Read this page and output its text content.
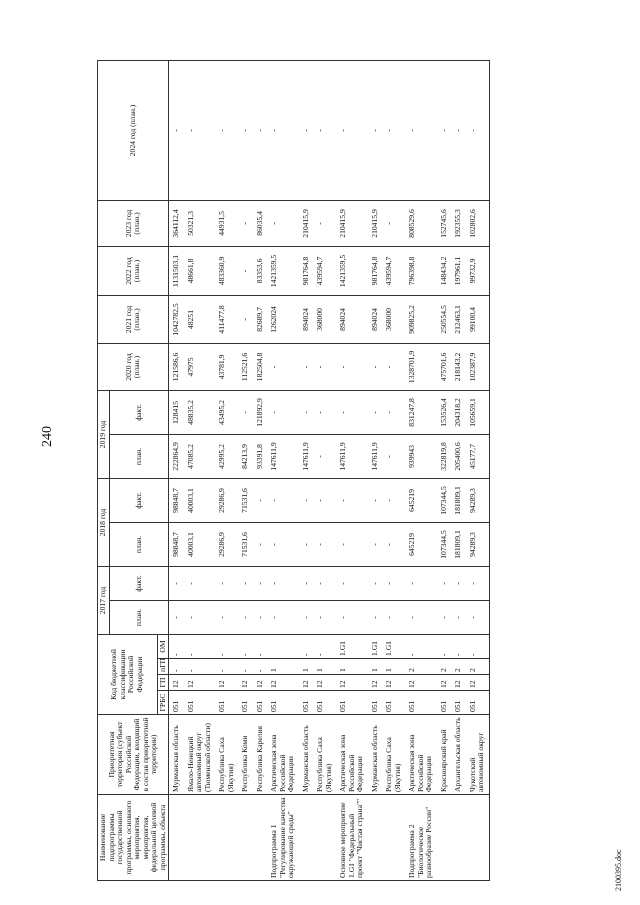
240
2100395.doc
Наименование подпрограммы государственной программы, основного мероприятия, мероприятия, федеральной целевой программы, объекта	Приоритетная территория (субъект Российской Федерации, входящий в состав приоритетной территории)	Код бюджетной классификации Российской Федерации				2017 год		2018 год		2019 год		2020 год (план.)	2021 год (план.)	2022 год (план.)	2023 год (план.)	2024 год (план.)
						план.	факт.	план.	факт.	план.	факт.					
		ГРБС	ГП	пГП	ОМ											
	Мурманская область	051	12	-	-	-	-	98848,7	98848,7	222864,9	128415	121586,6	1042782,5	1131503,1	364112,4	-
	Ямало-Ненецкий автономный округ (Тюменской области)	051	12	-	-	-	-	40003,1	40003,1	47085,2	48835,2	47975	48251	48661,8	50321,3	-
	Республика Саха (Якутия)	051	12	-	-	-	-	29286,9	29286,9	42995,2	43495,2	43781,9	411477,8	483360,9	44931,5	-
	Республика Коми	051	12	-	-	-	-	71531,6	71531,6	84213,9	-	112521,6	-	-	-	-
	Республика Карелия	051	12	-	-	-	-	-	-	93391,8	121892,9	182504,8	82689,7	83353,6	86035,4	-
Подпрограмма 1 "Регулирование качества окружающей среды"	Арктическая зона Российской Федерации	051	12	1		-	-	-	-	147611,9	-	-	1262024	1421359,5	-	-
	Мурманская область	051	12	1	-	-	-	-	-	147611,9	-	-	894024	981764,8	210415,9	-
	Республика Саха (Якутия)	051	12	1	-	-	-	-	-	-	-	-	368000	439594,7	-	-
Основное мероприятие 1.G1 "Федеральный проект "Чистая страна""	Арктическая зона Российской Федерации	051	12	1	1.G1	-	-	-	-	147611,9	-	-	894024	1421359,5	210415,9	-
	Мурманская область	051	12	1	1.G1	-	-	-	-	147611,9	-	-	894024	981764,8	210415,9	-
	Республика Саха (Якутия)	051	12	1	1.G1	-	-	-	-	-	-	-	368000	439594,7	-	-
Подпрограмма 2 "Биологическое разнообразие России"	Арктическая зона Российской Федерации	051	12	2	-	-	-	645219	645219	939943	831247,8	1328701,9	909825,2	796398,8	808529,6	-
	Красноярский край	051	12	2	-	-	-	107344,5	107344,5	322819,8	153526,4	475701,6	250554,5	148434,2	152745,6	-
	Архангельская область	051	12	2	-	-	-	181809,1	181809,1	205400,6	204318,2	218143,2	212463,1	197961,1	192355,3	-
	Чукотский автономный округ	051	12	2	-	-	-	94289,3	94289,3	45177,7	105659,1	102387,9	99100,4	99732,9	102802,6	-
